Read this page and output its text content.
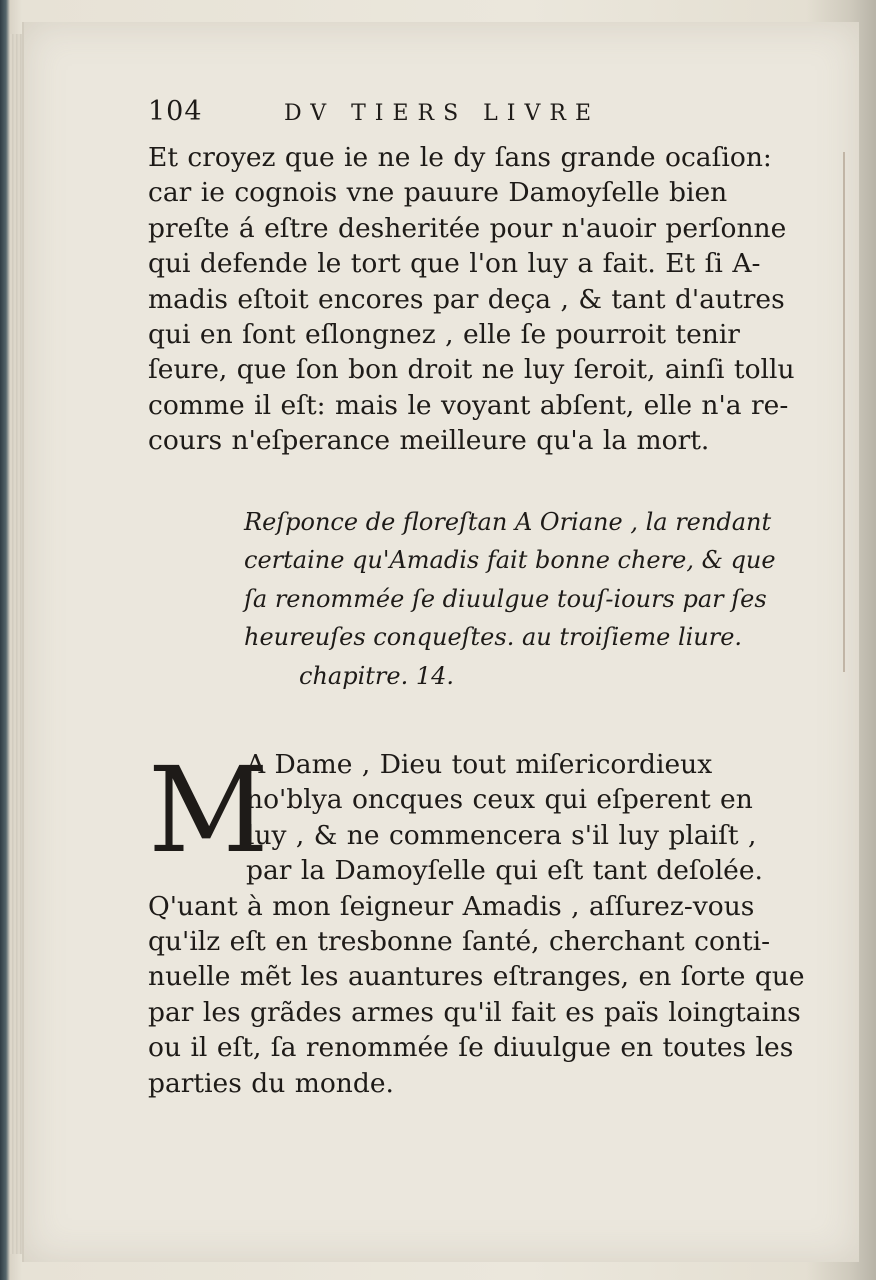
104	DV TIERS LIVRE
Et croyez que ie ne le dy ſans grande ocaſion:
car ie cognois vne pauure Damoyſelle bien
preſte á eſtre desheritée pour n'auoir perſonne
qui defende le tort que l'on luy a fait. Et ſi A-
madis eſtoit encores par deça , & tant d'autres
qui en ſont eſlongnez , elle ſe pourroit tenir
ſeure, que ſon bon droit ne luy ſeroit, ainſi tollu
comme il eſt: mais le voyant abſent, elle n'a re-
cours n'eſperance meilleure qu'a la mort.
Reſponce de floreſtan A Oriane , la rendant
certaine qu'Amadis fait bonne chere, & que
ſa renommée ſe diuulgue touſ-iours par ſes
heureuſes conqueſtes. au troiſieme liure.
chapitre. 14.
M
A Dame , Dieu tout miſericordieux
no'blya oncques ceux qui eſperent en
luy , & ne commencera s'il luy plaiſt ,
par la Damoyſelle qui eſt tant deſolée.
Q'uant à mon ſeigneur Amadis , aſſurez-vous
qu'ilz eſt en tresbonne ſanté, cherchant conti-
nuelle mẽt les auantures eſtranges, en ſorte que
par les grãdes armes qu'il fait es païs loingtains
ou il eſt, ſa renommée ſe diuulgue en toutes les
parties du monde.
